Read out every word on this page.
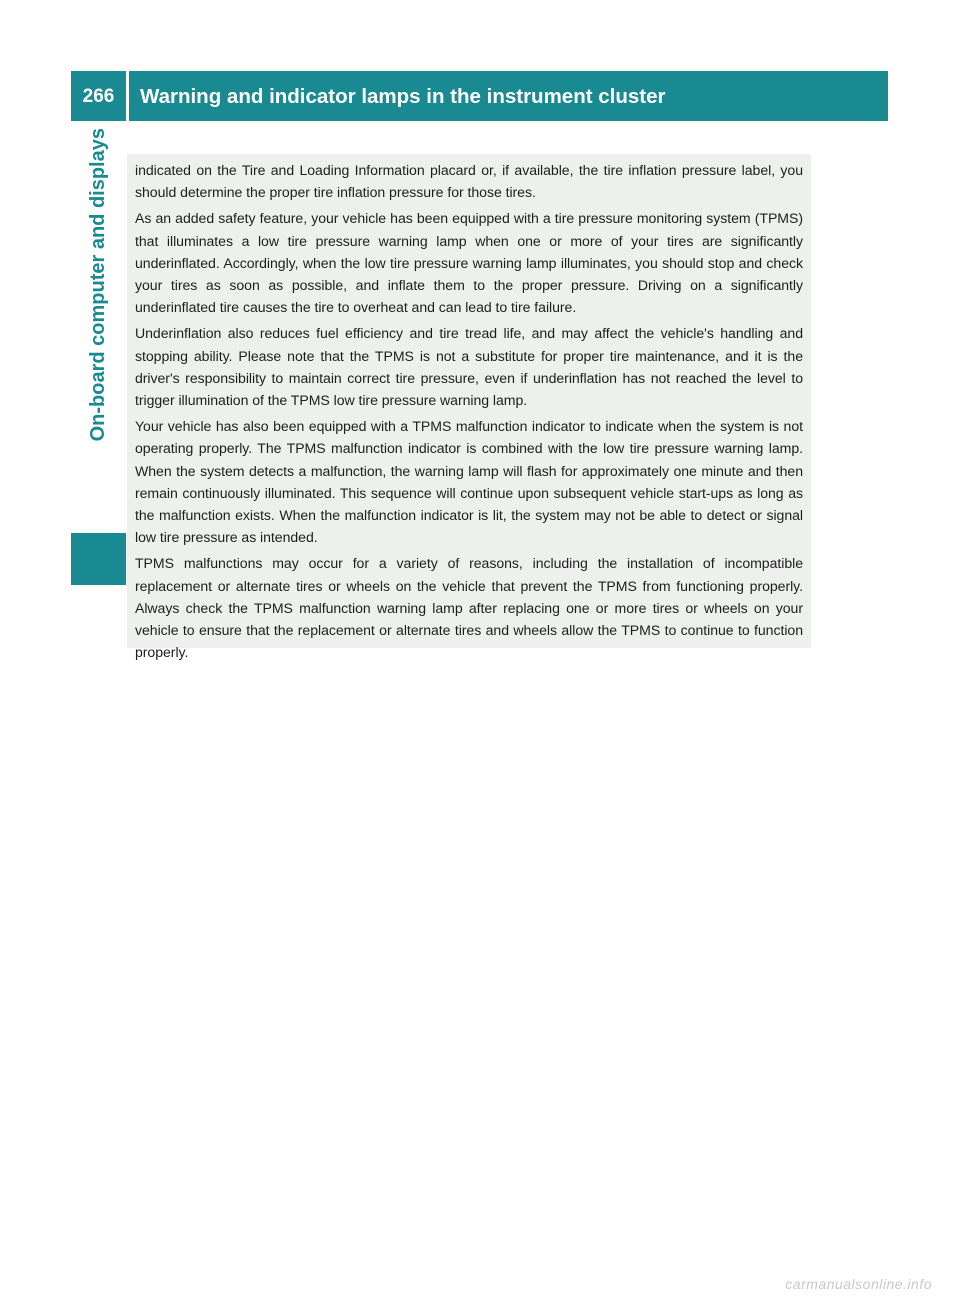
266	Warning and indicator lamps in the instrument cluster
On-board computer and displays indicated on the Tire and Loading Information placard or, if available, the tire inflation pressure label, you should determine the proper tire inflation pressure for those tires.

As an added safety feature, your vehicle has been equipped with a tire pressure monitoring system (TPMS) that illuminates a low tire pressure warning lamp when one or more of your tires are significantly underinflated. Accordingly, when the low tire pressure warning lamp illuminates, you should stop and check your tires as soon as possible, and inflate them to the proper pressure. Driving on a significantly underinflated tire causes the tire to overheat and can lead to tire failure.

Underinflation also reduces fuel efficiency and tire tread life, and may affect the vehicle's handling and stopping ability. Please note that the TPMS is not a substitute for proper tire maintenance, and it is the driver's responsibility to maintain correct tire pressure, even if underinflation has not reached the level to trigger illumination of the TPMS low tire pressure warning lamp.

Your vehicle has also been equipped with a TPMS malfunction indicator to indicate when the system is not operating properly. The TPMS malfunction indicator is combined with the low tire pressure warning lamp. When the system detects a malfunction, the warning lamp will flash for approximately one minute and then remain continuously illuminated. This sequence will continue upon subsequent vehicle start-ups as long as the malfunction exists. When the malfunction indicator is lit, the system may not be able to detect or signal low tire pressure as intended.

TPMS malfunctions may occur for a variety of reasons, including the installation of incompatible replacement or alternate tires or wheels on the vehicle that prevent the TPMS from functioning properly. Always check the TPMS malfunction warning lamp after replacing one or more tires or wheels on your vehicle to ensure that the replacement or alternate tires and wheels allow the TPMS to continue to function properly.

carmanualsonline.info
